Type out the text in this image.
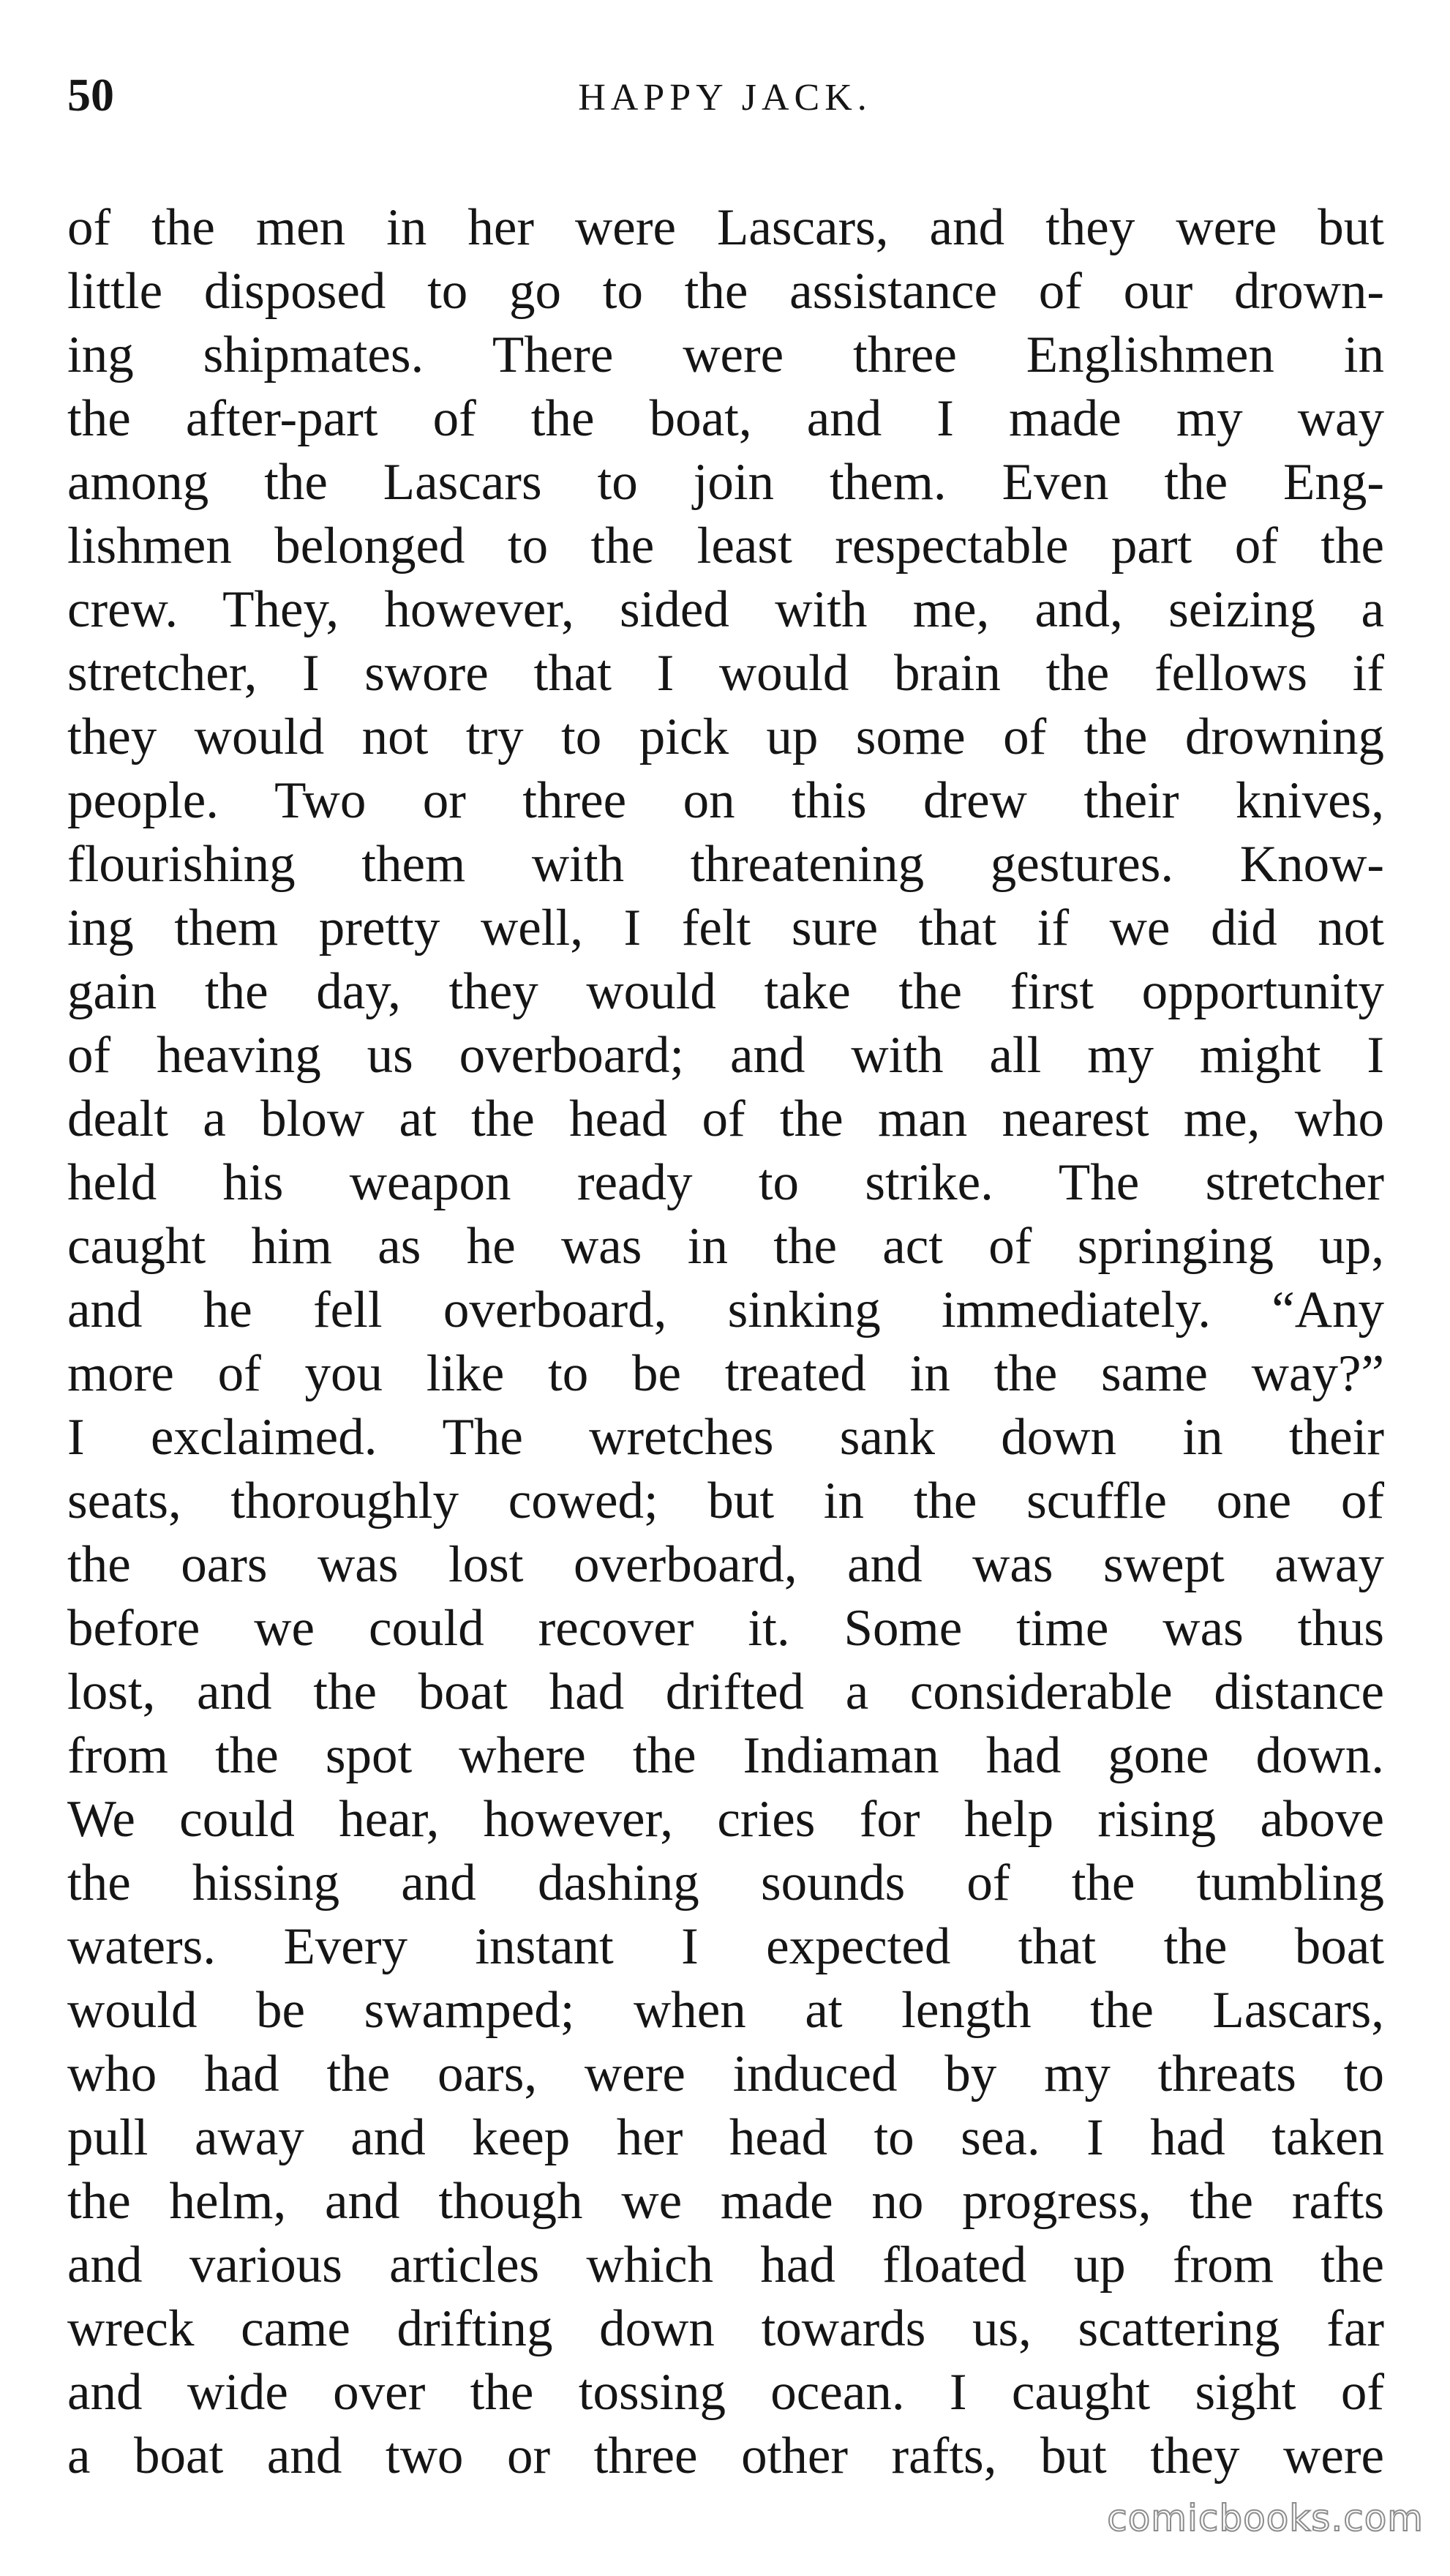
50	HAPPY JACK.
of the men in her were Lascars, and they were but
little disposed to go to the assistance of our drown-
ing shipmates. There were three Englishmen in
the after-part of the boat, and I made my way
among the Lascars to join them. Even the Eng-
lishmen belonged to the least respectable part of the
crew. They, however, sided with me, and, seizing a
stretcher, I swore that I would brain the fellows if
they would not try to pick up some of the drowning
people. Two or three on this drew their knives,
flourishing them with threatening gestures. Know-
ing them pretty well, I felt sure that if we did not
gain the day, they would take the first opportunity
of heaving us overboard; and with all my might I
dealt a blow at the head of the man nearest me, who
held his weapon ready to strike. The stretcher
caught him as he was in the act of springing up,
and he fell overboard, sinking immediately. “Any
more of you like to be treated in the same way?”
I exclaimed. The wretches sank down in their
seats, thoroughly cowed; but in the scuffle one of
the oars was lost overboard, and was swept away
before we could recover it. Some time was thus
lost, and the boat had drifted a considerable distance
from the spot where the Indiaman had gone down.
We could hear, however, cries for help rising above
the hissing and dashing sounds of the tumbling
waters. Every instant I expected that the boat
would be swamped; when at length the Lascars,
who had the oars, were induced by my threats to
pull away and keep her head to sea. I had taken
the helm, and though we made no progress, the rafts
and various articles which had floated up from the
wreck came drifting down towards us, scattering far
and wide over the tossing ocean. I caught sight of
a boat and two or three other rafts, but they were
comicbooks.com
